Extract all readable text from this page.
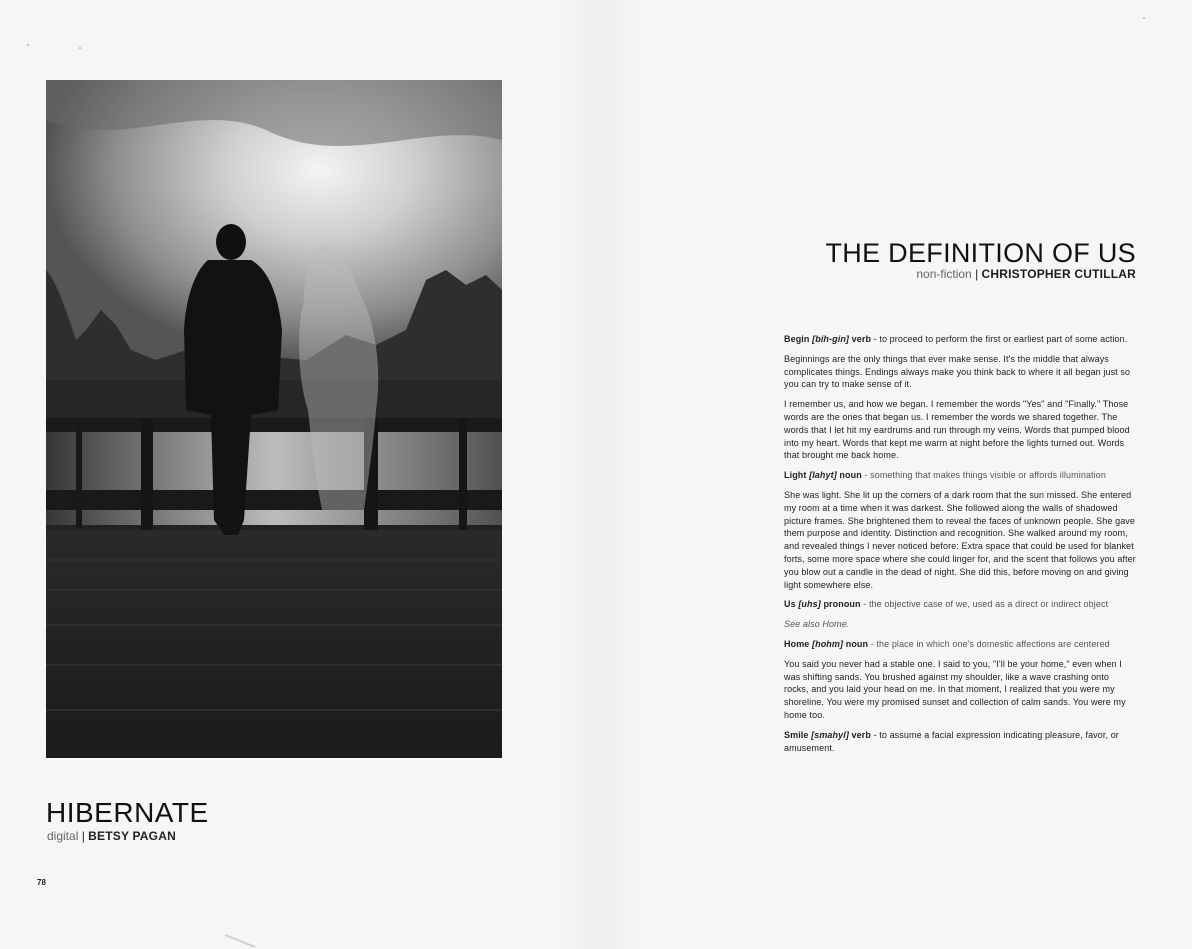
HIBERNATE
digital | BETSY PAGAN
78
THE DEFINITION OF US
non-fiction | CHRISTOPHER CUTILLAR

Begin [bih-gin] verb - to proceed to perform the first or earliest part of some action.

Beginnings are the only things that ever make sense. It's the middle that always complicates things. Endings always make you think back to where it all began just so you can try to make sense of it.

I remember us, and how we began. I remember the words "Yes" and "Finally." Those words are the ones that began us. I remember the words we shared together. The words that I let hit my eardrums and run through my veins. Words that pumped blood into my heart. Words that kept me warm at night before the lights turned out. Words that brought me back home.

Light [lahyt] noun - something that makes things visible or affords illumination

She was light. She lit up the corners of a dark room that the sun missed. She entered my room at a time when it was darkest. She followed along the walls of shadowed picture frames. She brightened them to reveal the faces of unknown people. She gave them purpose and identity. Distinction and recognition. She walked around my room, and revealed things I never noticed before: Extra space that could be used for blanket forts, some more space where she could linger for, and the scent that follows you after you blow out a candle in the dead of night. She did this, before moving on and giving light somewhere else.

Us [uhs] pronoun - the objective case of we, used as a direct or indirect object

See also Home.

Home [hohm] noun - the place in which one's domestic affections are centered

You said you never had a stable one. I said to you, "I'll be your home," even when I was shifting sands. You brushed against my shoulder, like a wave crashing onto rocks, and you laid your head on me. In that moment, I realized that you were my shoreline. You were my promised sunset and collection of calm sands. You were my home too.

Smile [smahyl] verb - to assume a facial expression indicating pleasure, favor, or amusement.
